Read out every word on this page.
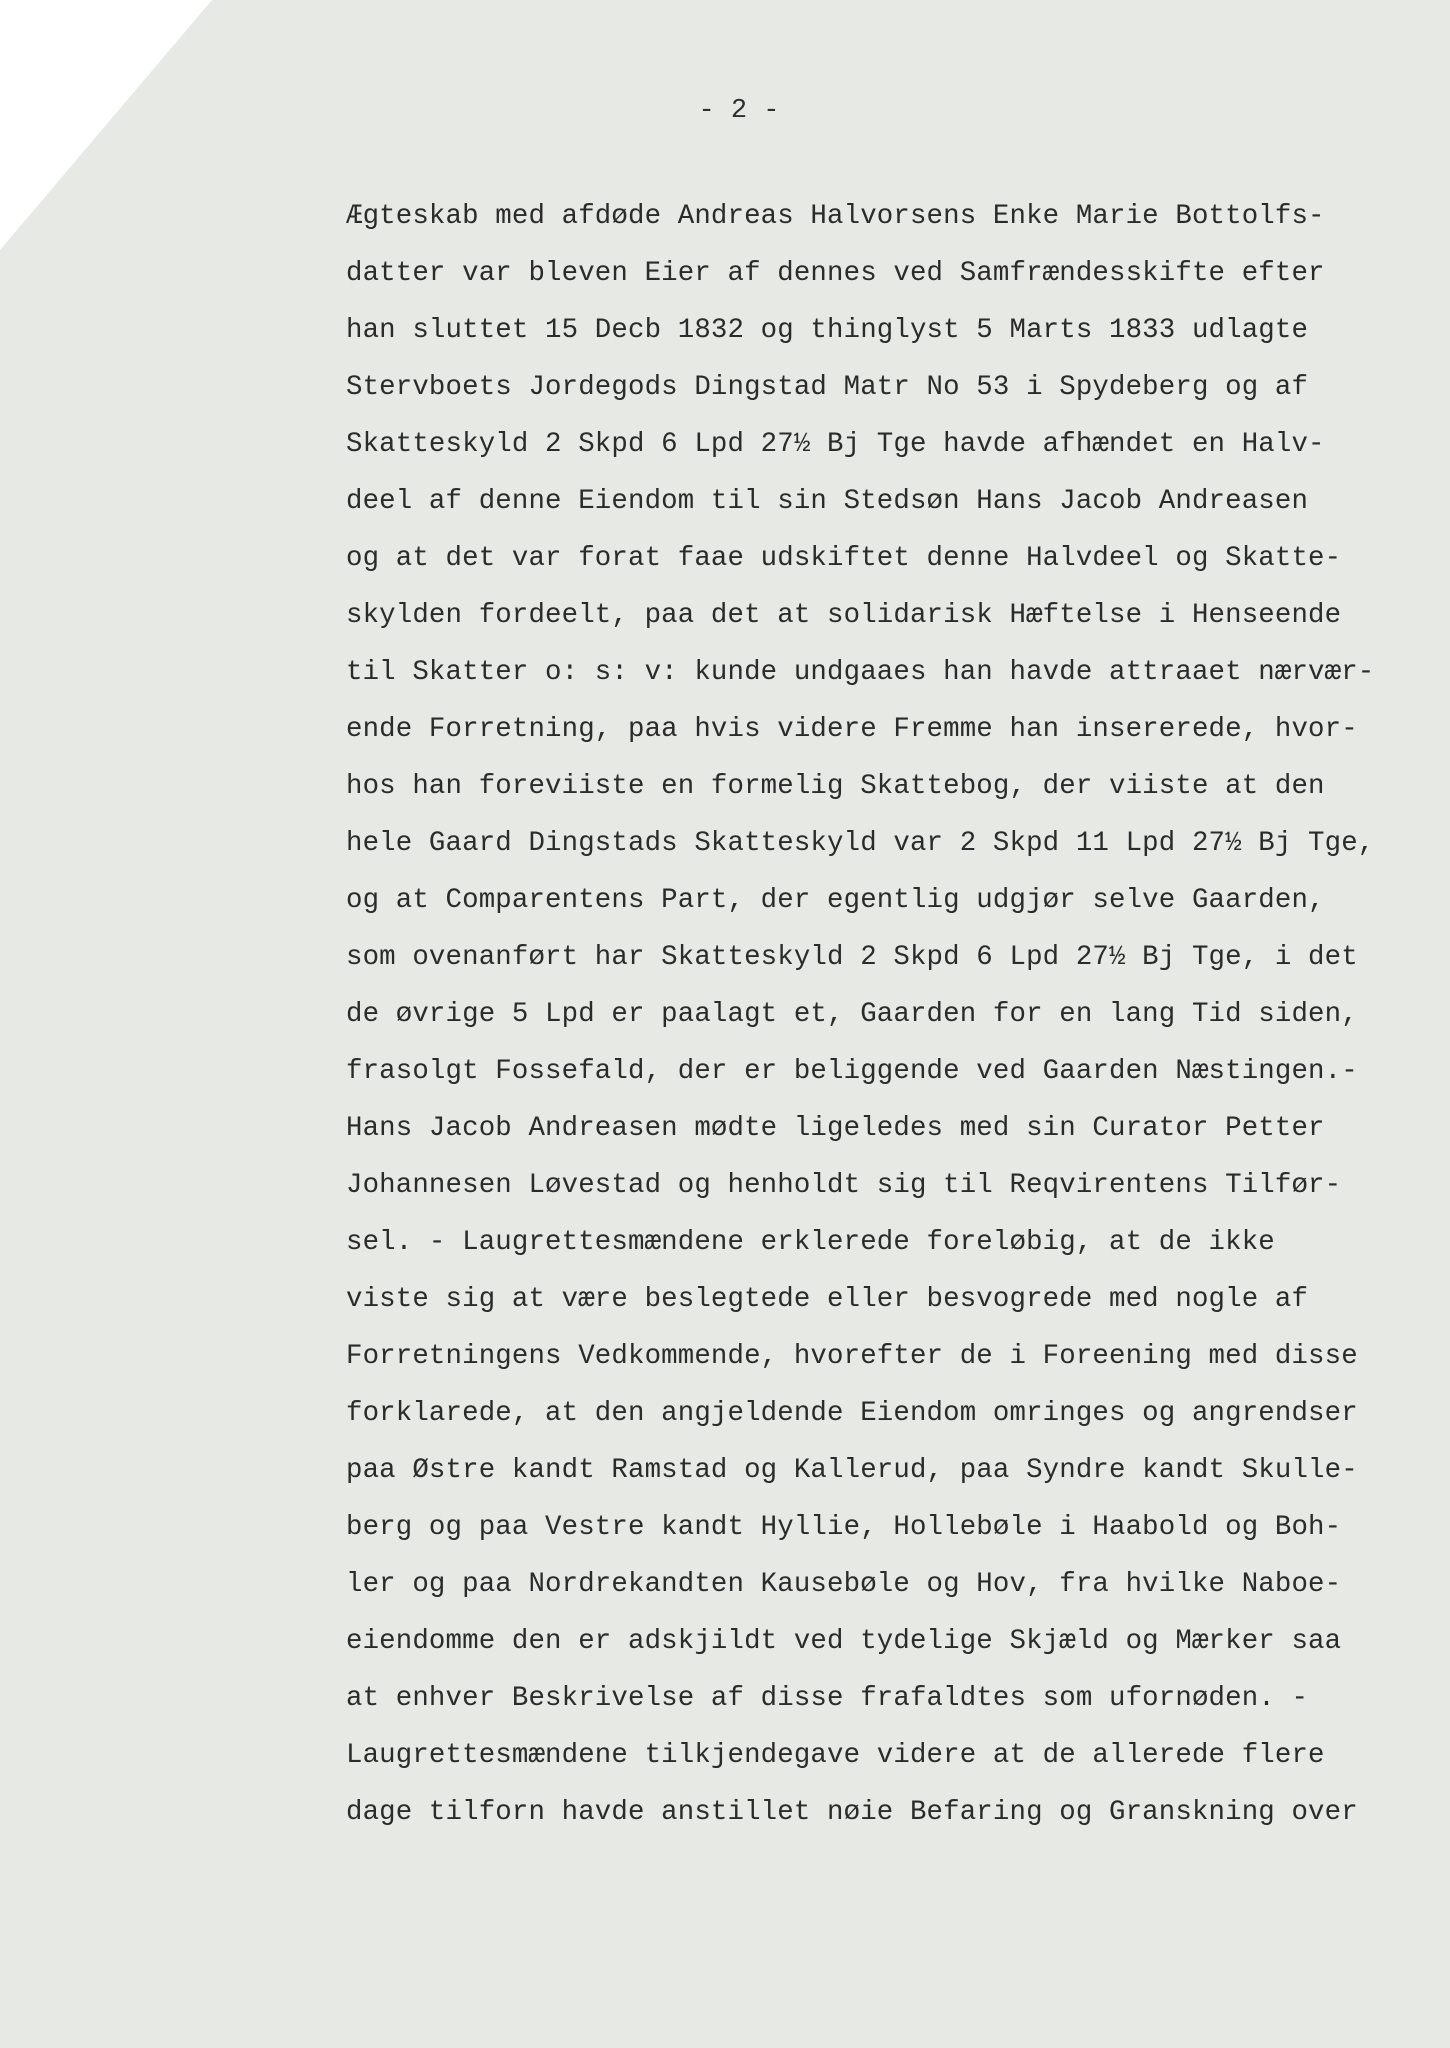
- 2 -
Ægteskab med afdøde Andreas Halvorsens Enke Marie Bottolfs-
datter var bleven Eier af dennes ved Samfrændesskifte efter
han sluttet 15 Decb 1832 og thinglyst 5 Marts 1833 udlagte
Stervboets Jordegods Dingstad Matr No 53 i Spydeberg og af
Skatteskyld 2 Skpd 6 Lpd 27½ Bj Tge havde afhændet en Halv-
deel af denne Eiendom til sin Stedsøn Hans Jacob Andreasen
og at det var forat faae udskiftet denne Halvdeel og Skatte-
skylden fordeelt, paa det at solidarisk Hæftelse i Henseende
til Skatter o: s: v: kunde undgaaes han havde attraaet nærvær-
ende Forretning, paa hvis videre Fremme han insererede, hvor-
hos han foreviiste en formelig Skattebog, der viiste at den
hele Gaard Dingstads Skatteskyld var 2 Skpd 11 Lpd 27½ Bj Tge,
og at Comparentens Part, der egentlig udgjør selve Gaarden,
som ovenanført har Skatteskyld 2 Skpd 6 Lpd 27½ Bj Tge, i det
de øvrige 5 Lpd er paalagt et, Gaarden for en lang Tid siden,
frasolgt Fossefald, der er beliggende ved Gaarden Næstingen.-
Hans Jacob Andreasen mødte ligeledes med sin Curator Petter
Johannesen Løvestad og henholdt sig til Reqvirentens Tilfør-
sel. - Laugrettesmændene erklerede foreløbig, at de ikke
viste sig at være beslegtede eller besvogrede med nogle af
Forretningens Vedkommende, hvorefter de i Foreening med disse
forklarede, at den angjeldende Eiendom omringes og angrendser
paa Østre kandt Ramstad og Kallerud, paa Syndre kandt Skulle-
berg og paa Vestre kandt Hyllie, Hollebøle i Haabold og Boh-
ler og paa Nordrekandten Kausebøle og Hov, fra hvilke Naboe-
eiendomme den er adskjildt ved tydelige Skjæld og Mærker saa
at enhver Beskrivelse af disse frafaldtes som ufornøden. -
Laugrettesmændene tilkjendegave videre at de allerede flere
dage tilforn havde anstillet nøie Befaring og Granskning over
